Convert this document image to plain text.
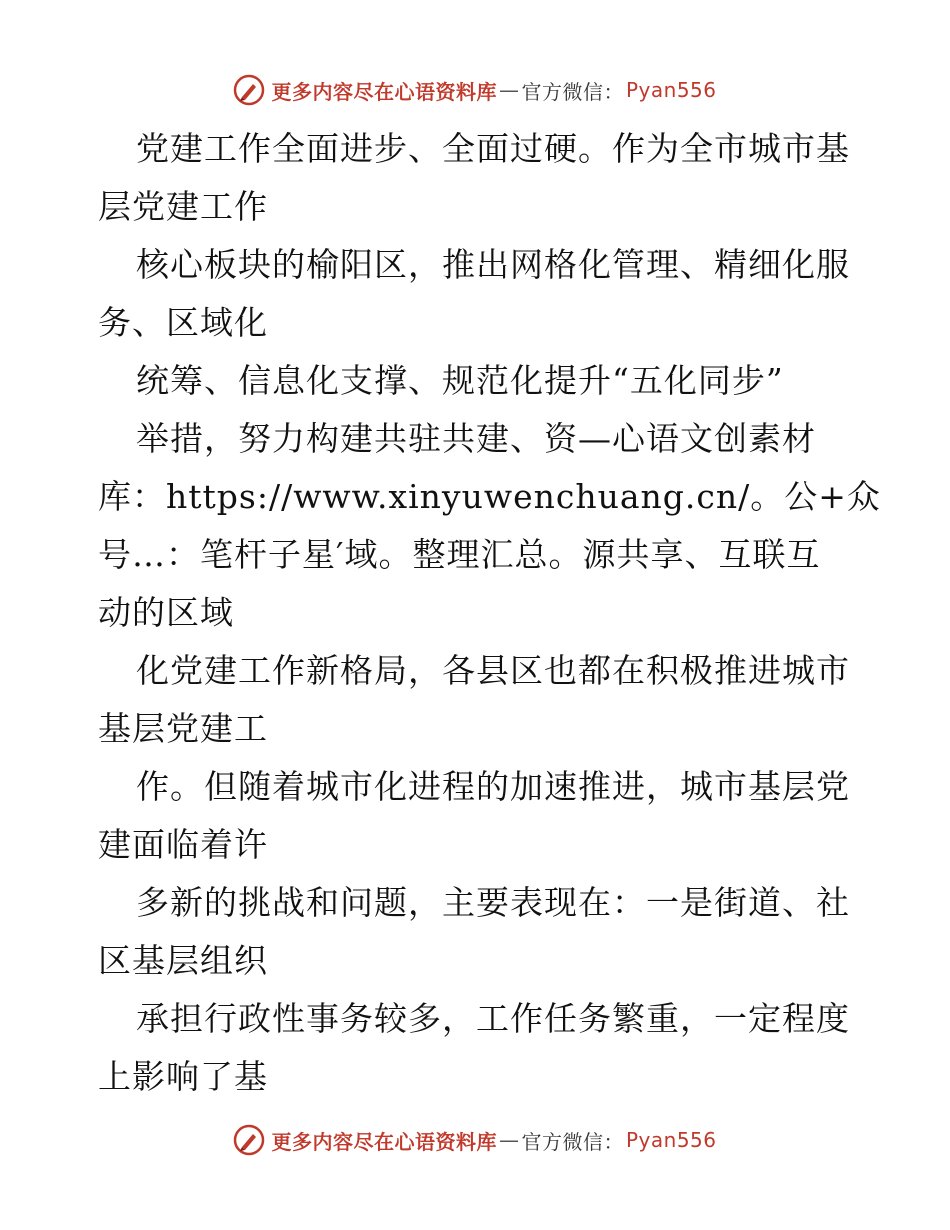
更多内容尽在心语资料库 — 官方微信： Pyan556
党建工作全面进步、全面过硬。作为全市城市基
层党建工作
核心板块的榆阳区，推出网格化管理、精细化服
务、区域化
统筹、信息化支撑、规范化提升“五化同步”
举措，努力构建共驻共建、资—心语文创素材
库：https://www.xinyuwenchuang.cn/。公+众
号…：笔杆子星′域。整理汇总。源共享、互联互
动的区域
化党建工作新格局，各县区也都在积极推进城市
基层党建工
作。但随着城市化进程的加速推进，城市基层党
建面临着许
多新的挑战和问题，主要表现在：一是街道、社
区基层组织
承担行政性事务较多，工作任务繁重，一定程度
上影响了基
更多内容尽在心语资料库 — 官方微信： Pyan556
